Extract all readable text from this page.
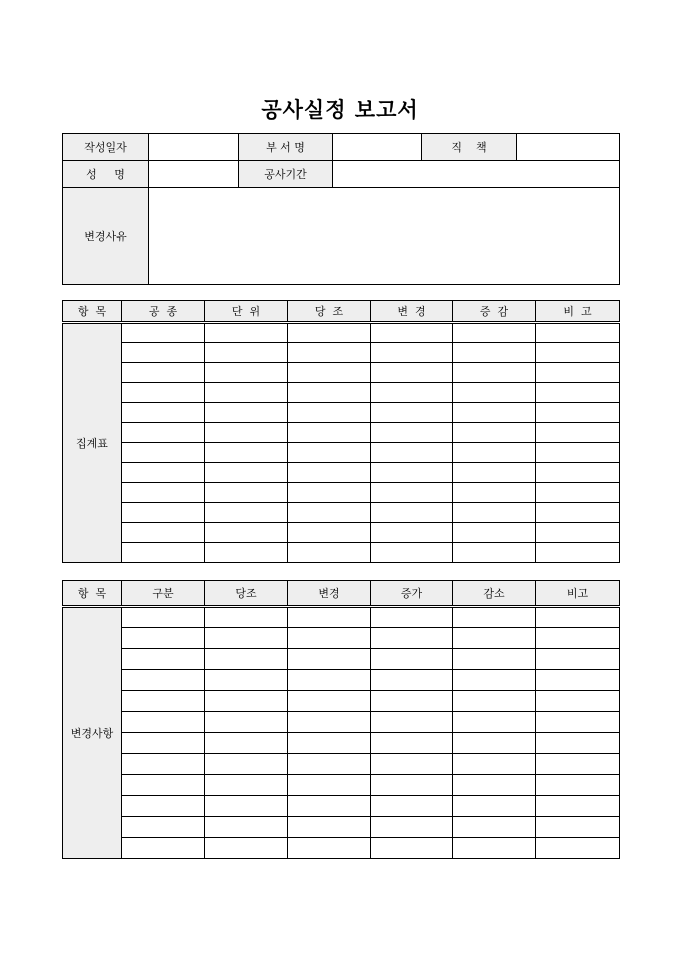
공사실정 보고서
작성일자		부 서 명		직    책	
성     명		공사기간			
변경사유					
항  목	공  종	단  위	당  조	변  경	증  감	비  고
집계표						

항  목	구분	당조	변경	증가	감소	비고
변경사항						
